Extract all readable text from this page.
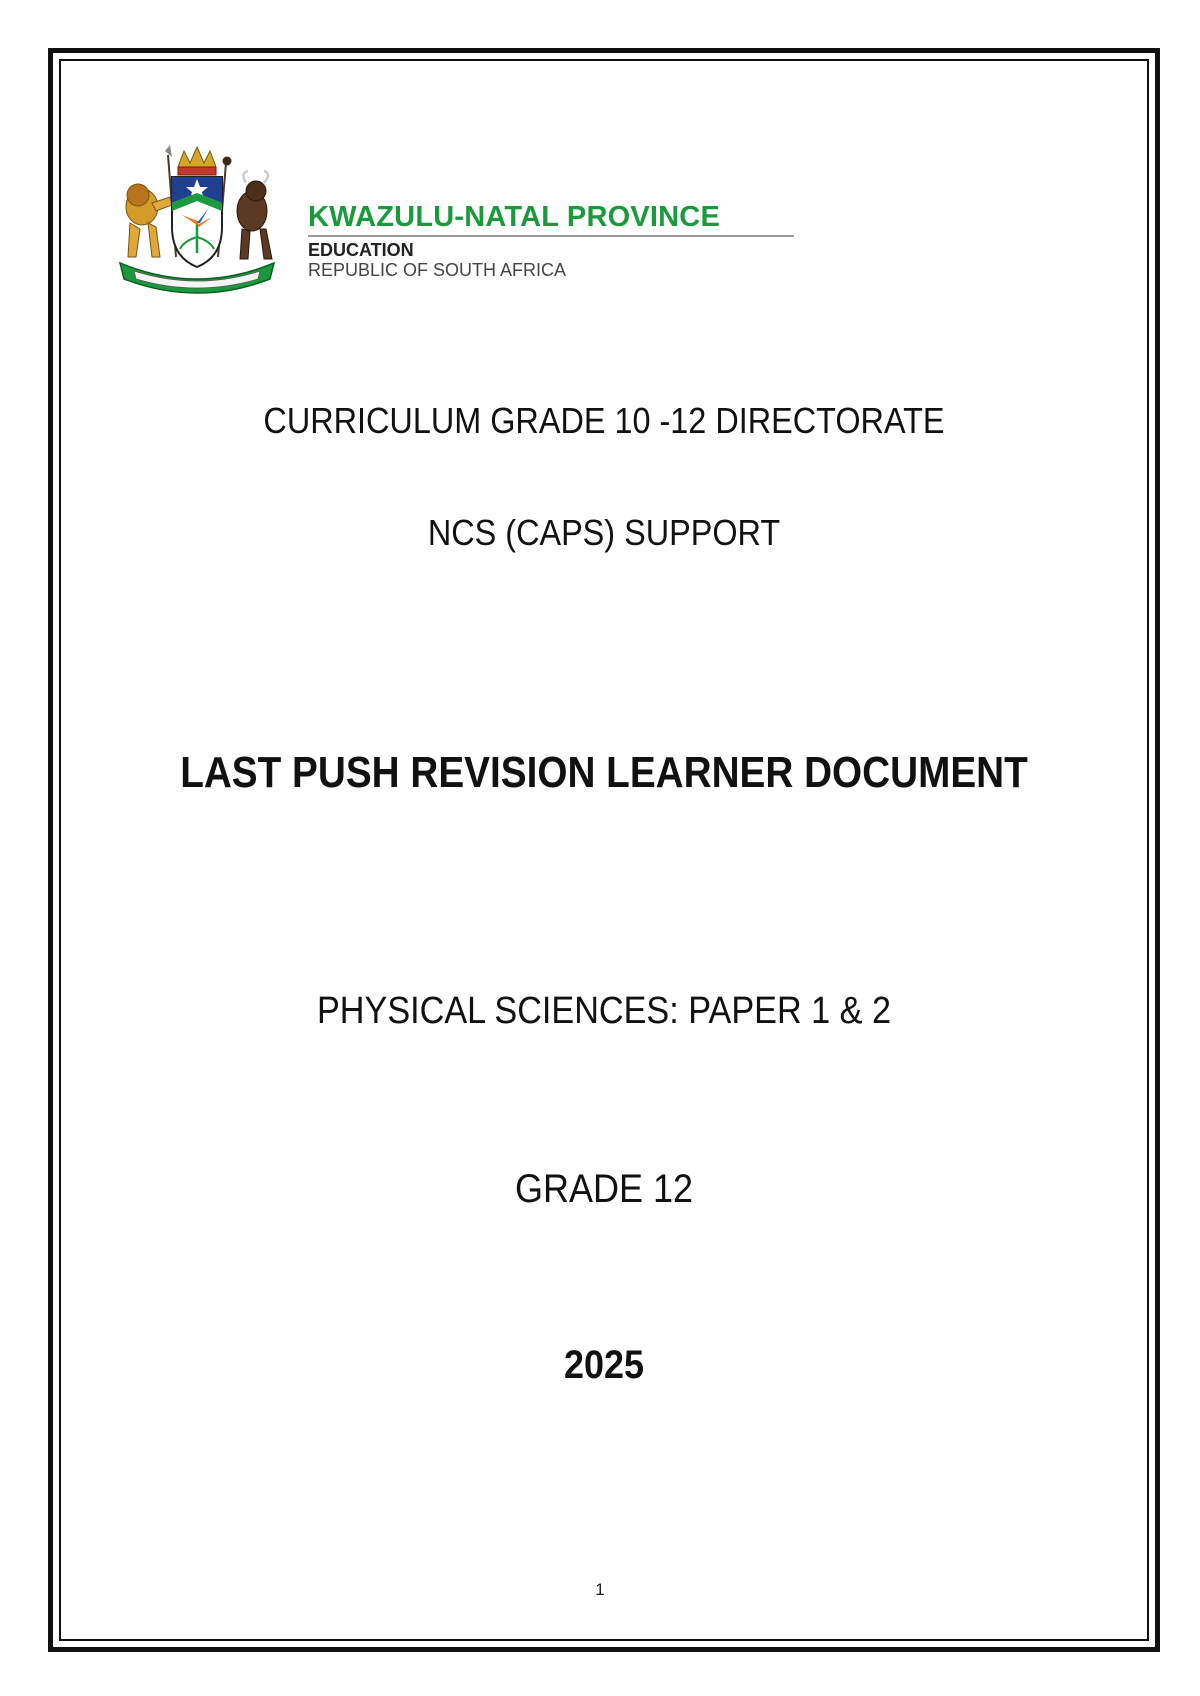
KWAZULU-NATAL PROVINCE
EDUCATION
REPUBLIC OF SOUTH AFRICA
CURRICULUM GRADE 10 -12 DIRECTORATE
NCS (CAPS) SUPPORT
LAST PUSH REVISION LEARNER DOCUMENT
PHYSICAL SCIENCES: PAPER 1 & 2
GRADE 12
2025
1
